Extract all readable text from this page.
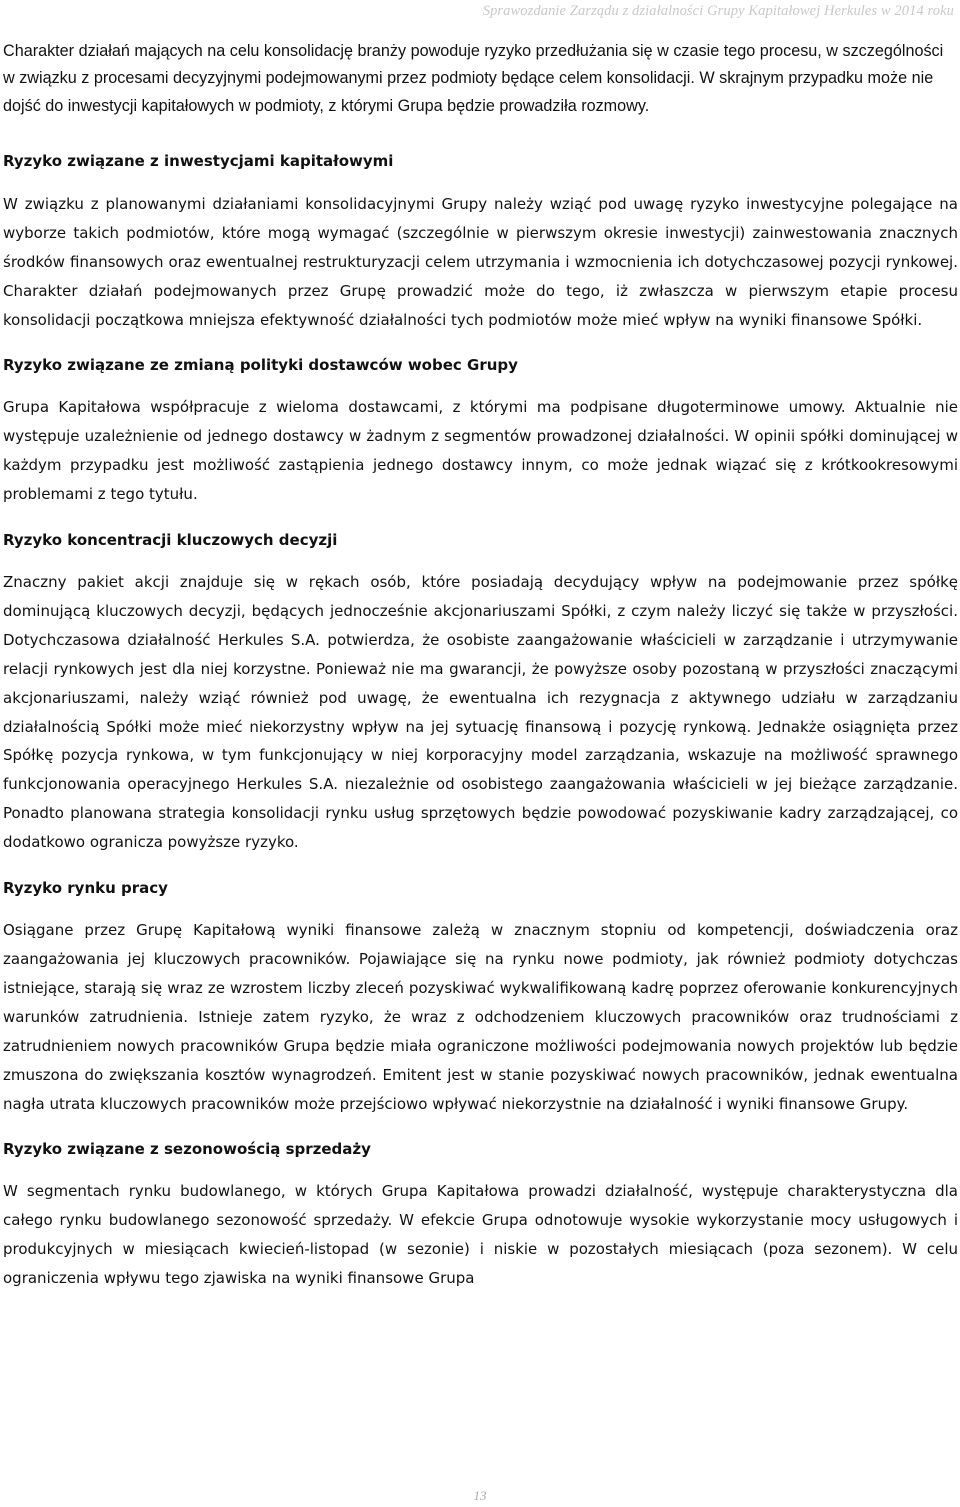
Sprawozdanie Zarządu z działalności Grupy Kapitałowej Herkules w 2014 roku

Charakter działań mających na celu konsolidację branży powoduje ryzyko przedłużania się w czasie tego procesu, w szczególności w związku z procesami decyzyjnymi podejmowanymi przez podmioty będące celem konsolidacji. W skrajnym przypadku może nie dojść do inwestycji kapitałowych w podmioty, z którymi Grupa będzie prowadziła rozmowy.

Ryzyko związane z inwestycjami kapitałowymi

W związku z planowanymi działaniami konsolidacyjnymi Grupy należy wziąć pod uwagę ryzyko inwestycyjne polegające na wyborze takich podmiotów, które mogą wymagać (szczególnie w pierwszym okresie inwestycji) zainwestowania znacznych środków finansowych oraz ewentualnej restrukturyzacji celem utrzymania i wzmocnienia ich dotychczasowej pozycji rynkowej. Charakter działań podejmowanych przez Grupę prowadzić może do tego, iż zwłaszcza w pierwszym etapie procesu konsolidacji początkowa mniejsza efektywność działalności tych podmiotów może mieć wpływ na wyniki finansowe Spółki.

Ryzyko związane ze zmianą polityki dostawców wobec Grupy

Grupa Kapitałowa współpracuje z wieloma dostawcami, z którymi ma podpisane długoterminowe umowy. Aktualnie nie występuje uzależnienie od jednego dostawcy w żadnym z segmentów prowadzonej działalności. W opinii spółki dominującej w każdym przypadku jest możliwość zastąpienia jednego dostawcy innym, co może jednak wiązać się z krótkookresowymi problemami z tego tytułu.

Ryzyko koncentracji kluczowych decyzji

Znaczny pakiet akcji znajduje się w rękach osób, które posiadają decydujący wpływ na podejmowanie przez spółkę dominującą kluczowych decyzji, będących jednocześnie akcjonariuszami Spółki, z czym należy liczyć się także w przyszłości. Dotychczasowa działalność Herkules S.A. potwierdza, że osobiste zaangażowanie właścicieli w zarządzanie i utrzymywanie relacji rynkowych jest dla niej korzystne. Ponieważ nie ma gwarancji, że powyższe osoby pozostaną w przyszłości znaczącymi akcjonariuszami, należy wziąć również pod uwagę, że ewentualna ich rezygnacja z aktywnego udziału w zarządzaniu działalnością Spółki może mieć niekorzystny wpływ na jej sytuację finansową i pozycję rynkową. Jednakże osiągnięta przez Spółkę pozycja rynkowa, w tym funkcjonujący w niej korporacyjny model zarządzania, wskazuje na możliwość sprawnego funkcjonowania operacyjnego Herkules S.A. niezależnie od osobistego zaangażowania właścicieli w jej bieżące zarządzanie. Ponadto planowana strategia konsolidacji rynku usług sprzętowych będzie powodować pozyskiwanie kadry zarządzającej, co dodatkowo ogranicza powyższe ryzyko.

Ryzyko rynku pracy

Osiągane przez Grupę Kapitałową wyniki finansowe zależą w znacznym stopniu od kompetencji, doświadczenia oraz zaangażowania jej kluczowych pracowników. Pojawiające się na rynku nowe podmioty, jak również podmioty dotychczas istniejące, starają się wraz ze wzrostem liczby zleceń pozyskiwać wykwalifikowaną kadrę poprzez oferowanie konkurencyjnych warunków zatrudnienia. Istnieje zatem ryzyko, że wraz z odchodzeniem kluczowych pracowników oraz trudnościami z zatrudnieniem nowych pracowników Grupa będzie miała ograniczone możliwości podejmowania nowych projektów lub będzie zmuszona do zwiększania kosztów wynagrodzeń. Emitent jest w stanie pozyskiwać nowych pracowników, jednak ewentualna nagła utrata kluczowych pracowników może przejściowo wpływać niekorzystnie na działalność i wyniki finansowe Grupy.

Ryzyko związane z sezonowością sprzedaży

W segmentach rynku budowlanego, w których Grupa Kapitałowa prowadzi działalność, występuje charakterystyczna dla całego rynku budowlanego sezonowość sprzedaży. W efekcie Grupa odnotowuje wysokie wykorzystanie mocy usługowych i produkcyjnych w miesiącach kwiecień-listopad (w sezonie) i niskie w pozostałych miesiącach (poza sezonem). W celu ograniczenia wpływu tego zjawiska na wyniki finansowe Grupa

13
